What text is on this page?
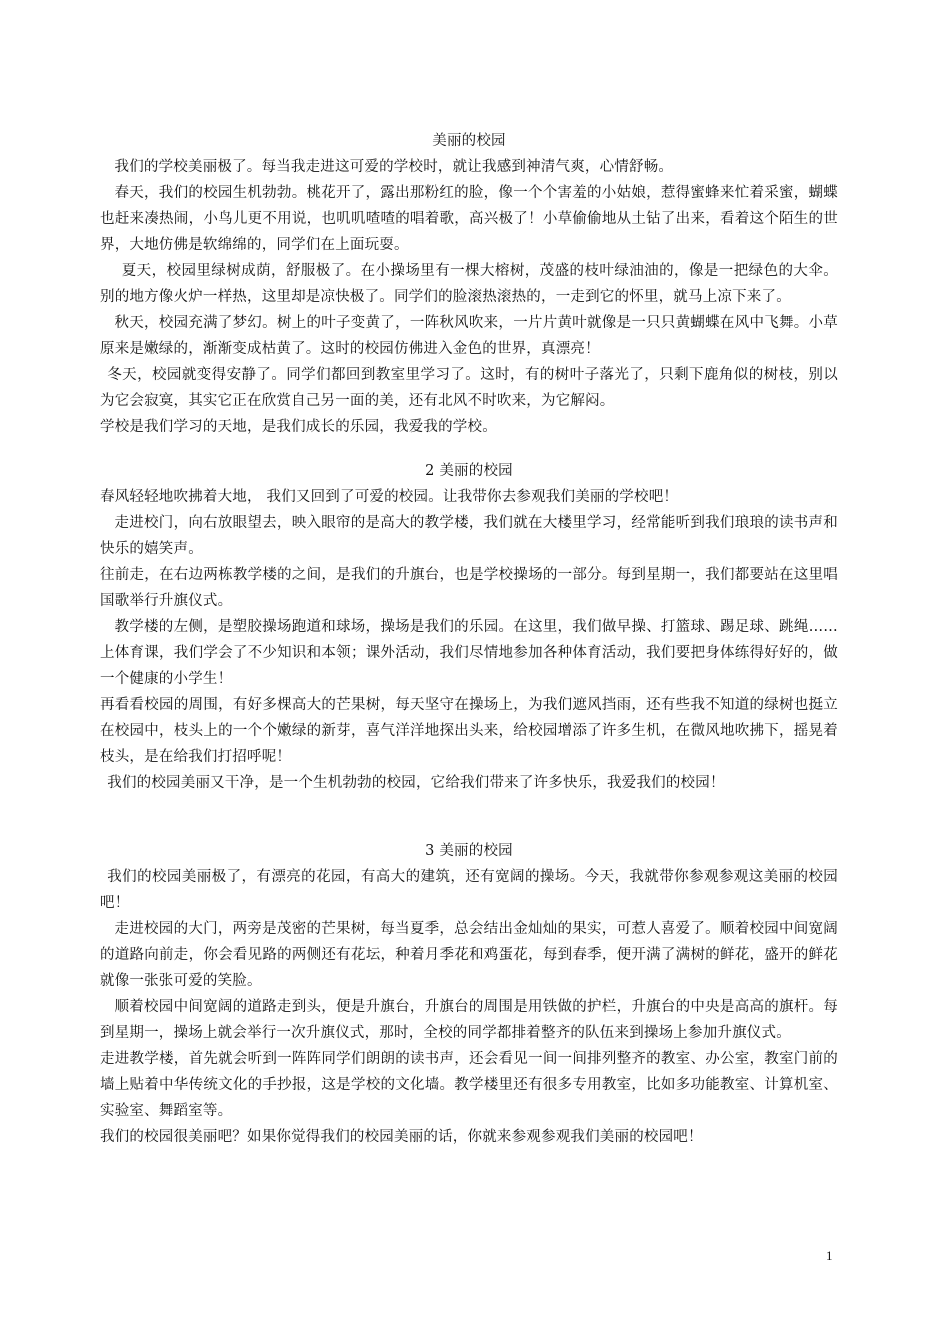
美丽的校园

我们的学校美丽极了。每当我走进这可爱的学校时，就让我感到神清气爽，心情舒畅。

春天，我们的校园生机勃勃。桃花开了，露出那粉红的脸，像一个个害羞的小姑娘，惹得蜜蜂来忙着采蜜，蝴蝶也赶来凑热闹，小鸟儿更不用说，也叽叽喳喳的唱着歌，高兴极了！小草偷偷地从土钻了出来，看着这个陌生的世界，大地仿佛是软绵绵的，同学们在上面玩耍。

夏天，校园里绿树成荫，舒服极了。在小操场里有一棵大榕树，茂盛的枝叶绿油油的，像是一把绿色的大伞。别的地方像火炉一样热，这里却是凉快极了。同学们的脸滚热滚热的，一走到它的怀里，就马上凉下来了。

秋天，校园充满了梦幻。树上的叶子变黄了，一阵秋风吹来，一片片黄叶就像是一只只黄蝴蝶在风中飞舞。小草原来是嫩绿的，渐渐变成枯黄了。这时的校园仿佛进入金色的世界，真漂亮！

冬天，校园就变得安静了。同学们都回到教室里学习了。这时，有的树叶子落光了，只剩下鹿角似的树枝，别以为它会寂寞，其实它正在欣赏自己另一面的美，还有北风不时吹来，为它解闷。

学校是我们学习的天地，是我们成长的乐园，我爱我的学校。

2 美丽的校园

春风轻轻地吹拂着大地， 我们又回到了可爱的校园。让我带你去参观我们美丽的学校吧！

走进校门，向右放眼望去，映入眼帘的是高大的教学楼，我们就在大楼里学习，经常能听到我们琅琅的读书声和快乐的嬉笑声。

往前走，在右边两栋教学楼的之间，是我们的升旗台，也是学校操场的一部分。每到星期一，我们都要站在这里唱国歌举行升旗仪式。

教学楼的左侧，是塑胶操场跑道和球场，操场是我们的乐园。在这里，我们做早操、打篮球、踢足球、跳绳……上体育课，我们学会了不少知识和本领；课外活动，我们尽情地参加各种体育活动，我们要把身体练得好好的，做一个健康的小学生！

再看看校园的周围，有好多棵高大的芒果树，每天坚守在操场上，为我们遮风挡雨，还有些我不知道的绿树也挺立在校园中，枝头上的一个个嫩绿的新芽，喜气洋洋地探出头来，给校园增添了许多生机，在微风地吹拂下，摇晃着枝头，是在给我们打招呼呢！

我们的校园美丽又干净，是一个生机勃勃的校园，它给我们带来了许多快乐，我爱我们的校园！

3 美丽的校园

我们的校园美丽极了，有漂亮的花园，有高大的建筑，还有宽阔的操场。今天，我就带你参观参观这美丽的校园吧！

走进校园的大门，两旁是茂密的芒果树，每当夏季，总会结出金灿灿的果实，可惹人喜爱了。顺着校园中间宽阔的道路向前走，你会看见路的两侧还有花坛，种着月季花和鸡蛋花，每到春季，便开满了满树的鲜花，盛开的鲜花就像一张张可爱的笑脸。

顺着校园中间宽阔的道路走到头，便是升旗台，升旗台的周围是用铁做的护栏，升旗台的中央是高高的旗杆。每到星期一，操场上就会举行一次升旗仪式，那时，全校的同学都排着整齐的队伍来到操场上参加升旗仪式。

走进教学楼，首先就会听到一阵阵同学们朗朗的读书声，还会看见一间一间排列整齐的教室、办公室，教室门前的墙上贴着中华传统文化的手抄报，这是学校的文化墙。教学楼里还有很多专用教室，比如多功能教室、计算机室、实验室、舞蹈室等。

我们的校园很美丽吧？如果你觉得我们的校园美丽的话，你就来参观参观我们美丽的校园吧！

1
